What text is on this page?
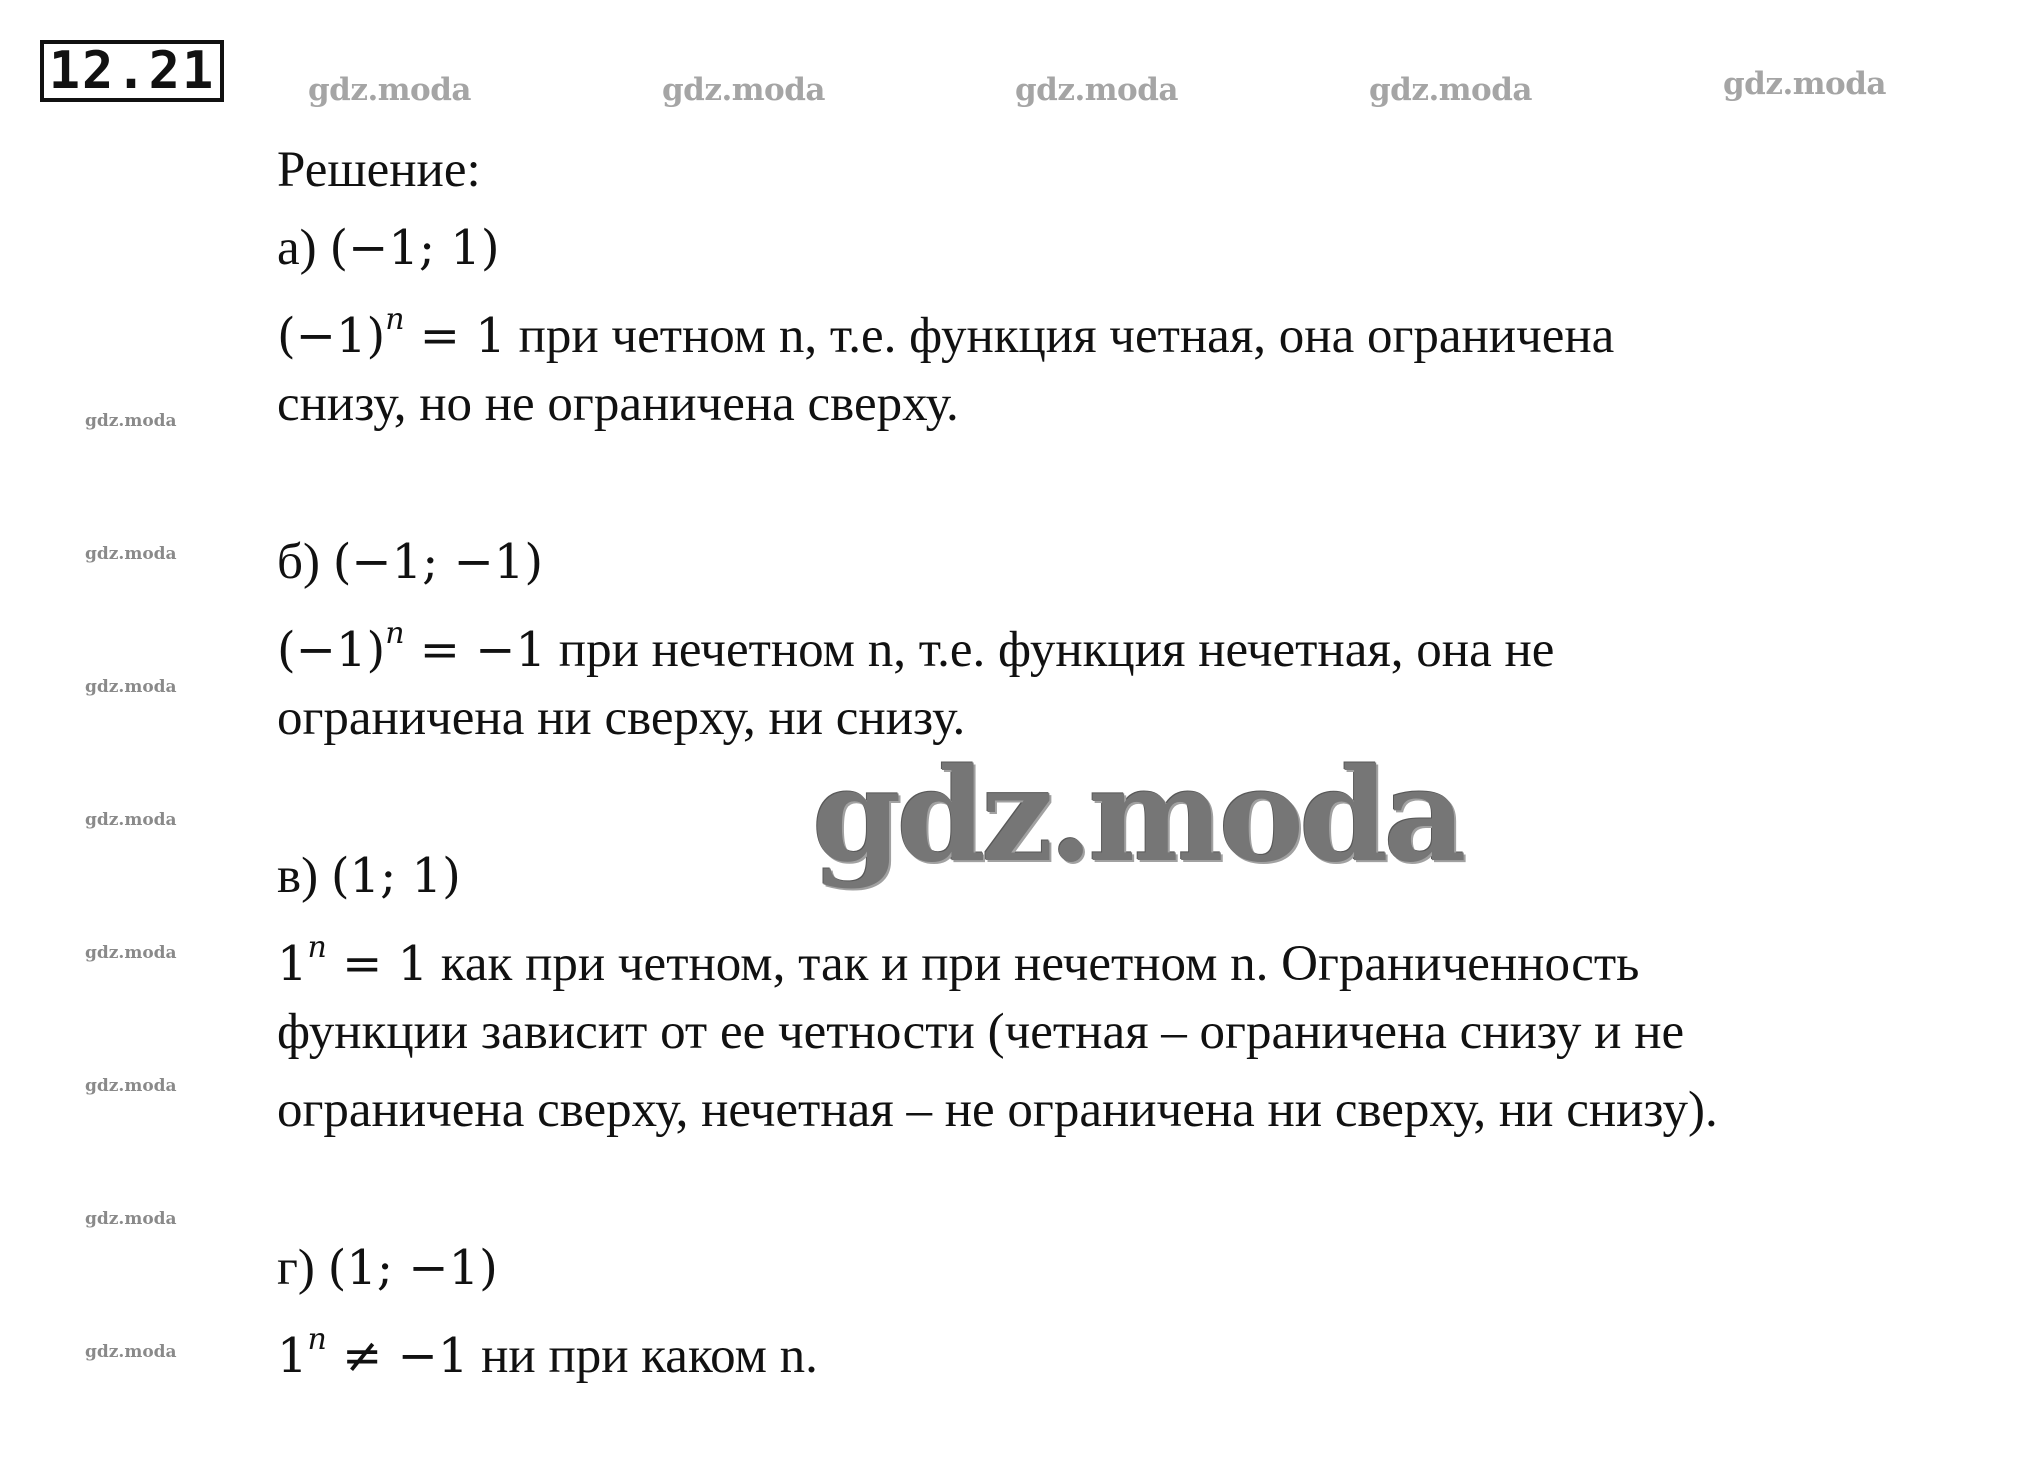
12.21	gdz.moda	gdz.moda	gdz.moda	gdz.moda	gdz.moda
gdz.moda
gdz.moda
gdz.moda
gdz.moda
gdz.moda
gdz.moda
gdz.moda
gdz.moda
gdz.moda
Решение:
а) (−1; 1)
$(-1)^n = 1$ при четном n, т.е. функция четная, она ограничена
снизу, но не ограничена сверху.
б) (−1; −1)
$(-1)^n = -1$ при нечетном n, т.е. функция нечетная, она не
ограничена ни сверху, ни снизу.
в) (1; 1)
$1^n = 1$ как при четном, так и при нечетном n. Ограниченность
функции зависит от ее четности (четная – ограничена снизу и не
ограничена сверху, нечетная – не ограничена ни сверху, ни снизу).
г) (1; −1)
$1^n \ne -1$ ни при каком n.
